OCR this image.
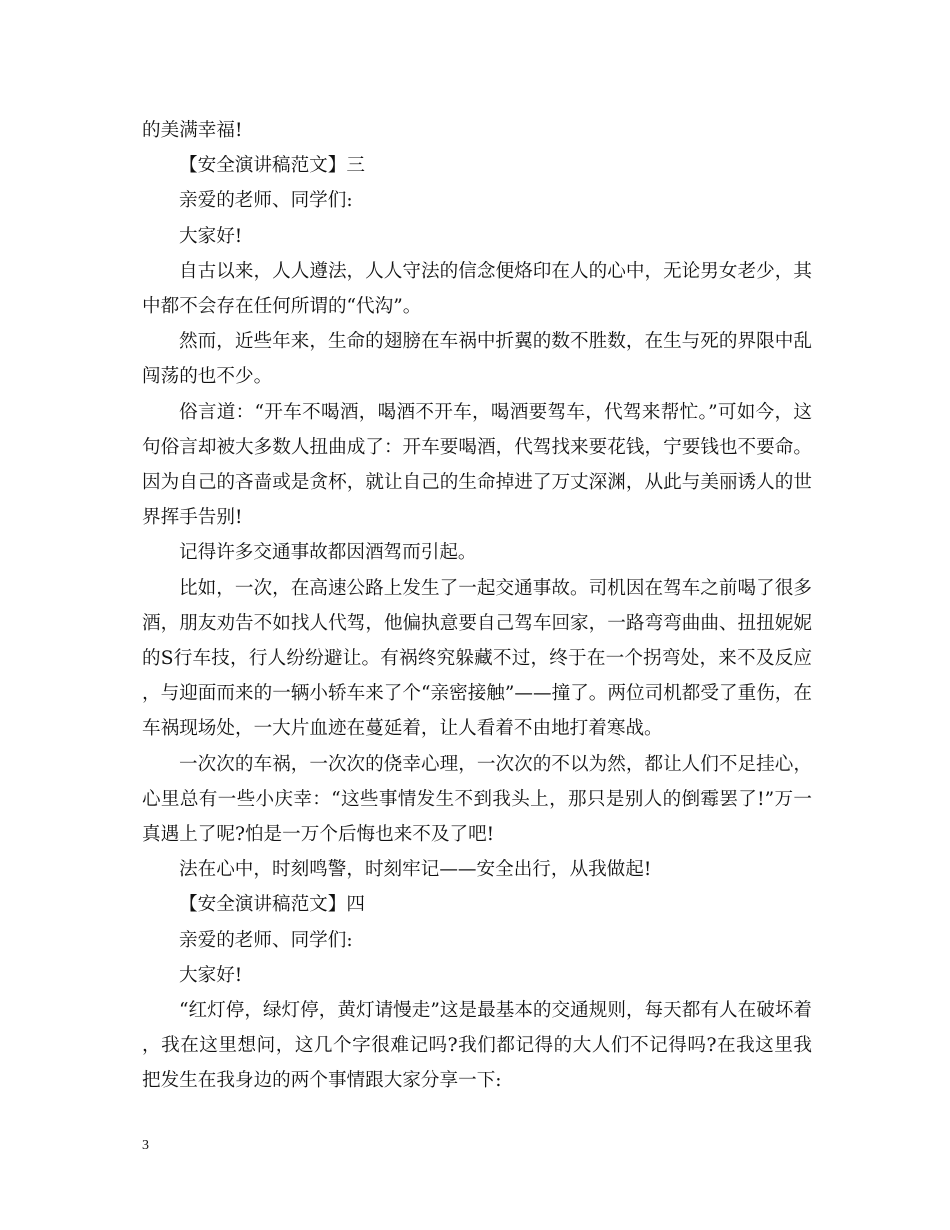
的美满幸福!

【安全演讲稿范文】三

亲爱的老师、同学们:

大家好!

自古以来，人人遵法，人人守法的信念便烙印在人的心中，无论男女老少，其中都不会存在任何所谓的“代沟”。

然而，近些年来，生命的翅膀在车祸中折翼的数不胜数，在生与死的界限中乱闯荡的也不少。

俗言道：“开车不喝酒，喝酒不开车，喝酒要驾车，代驾来帮忙。”可如今，这句俗言却被大多数人扭曲成了：开车要喝酒，代驾找来要花钱，宁要钱也不要命。因为自己的吝啬或是贪杯，就让自己的生命掉进了万丈深渊，从此与美丽诱人的世界挥手告别!

记得许多交通事故都因酒驾而引起。

比如，一次，在高速公路上发生了一起交通事故。司机因在驾车之前喝了很多酒，朋友劝告不如找人代驾，他偏执意要自己驾车回家，一路弯弯曲曲、扭扭妮妮的S行车技，行人纷纷避让。有祸终究躲藏不过，终于在一个拐弯处，来不及反应，与迎面而来的一辆小轿车来了个“亲密接触”——撞了。两位司机都受了重伤，在车祸现场处，一大片血迹在蔓延着，让人看着不由地打着寒战。

一次次的车祸，一次次的侥幸心理，一次次的不以为然，都让人们不足挂心，心里总有一些小庆幸：“这些事情发生不到我头上，那只是别人的倒霉罢了!”万一真遇上了呢?怕是一万个后悔也来不及了吧!

法在心中，时刻鸣警，时刻牢记——安全出行，从我做起!

【安全演讲稿范文】四

亲爱的老师、同学们:

大家好!

“红灯停，绿灯停，黄灯请慢走”这是最基本的交通规则，每天都有人在破坏着，我在这里想问，这几个字很难记吗?我们都记得的大人们不记得吗?在我这里我把发生在我身边的两个事情跟大家分享一下:

3
